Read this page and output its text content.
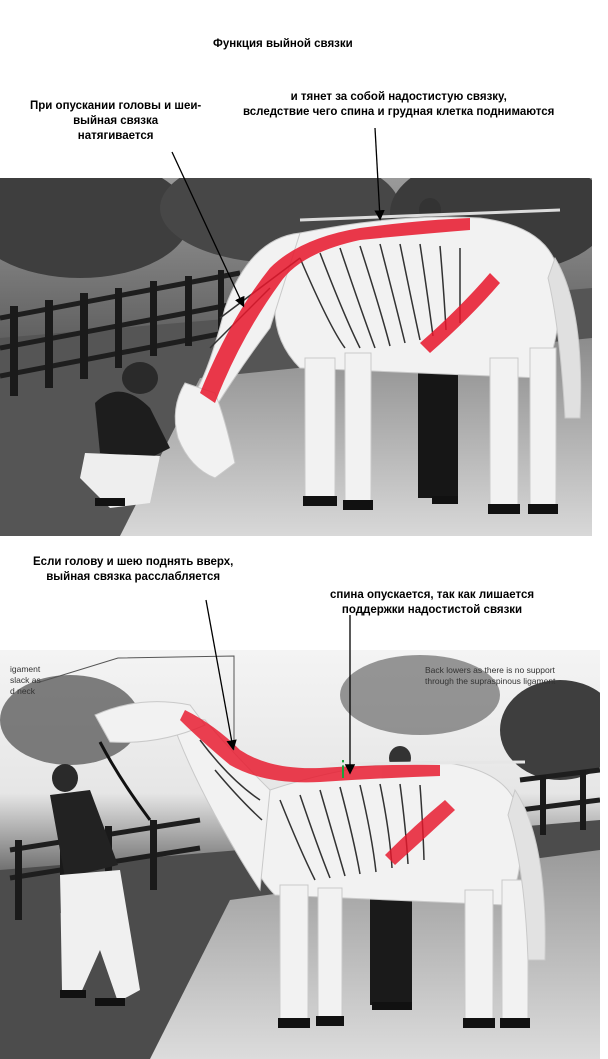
Функция выйной связки
При опускании головы и шеи-
выйная связка
натягивается
и тянет за собой надостистую связку,
вследствие чего спина и грудная клетка поднимаются
Если голову и шею поднять вверх,
выйная связка расслабляется
спина опускается, так как лишается
поддержки надостистой связки
igament
slack as
d neck
Back lowers as there is no support
through the supraspinous ligament
